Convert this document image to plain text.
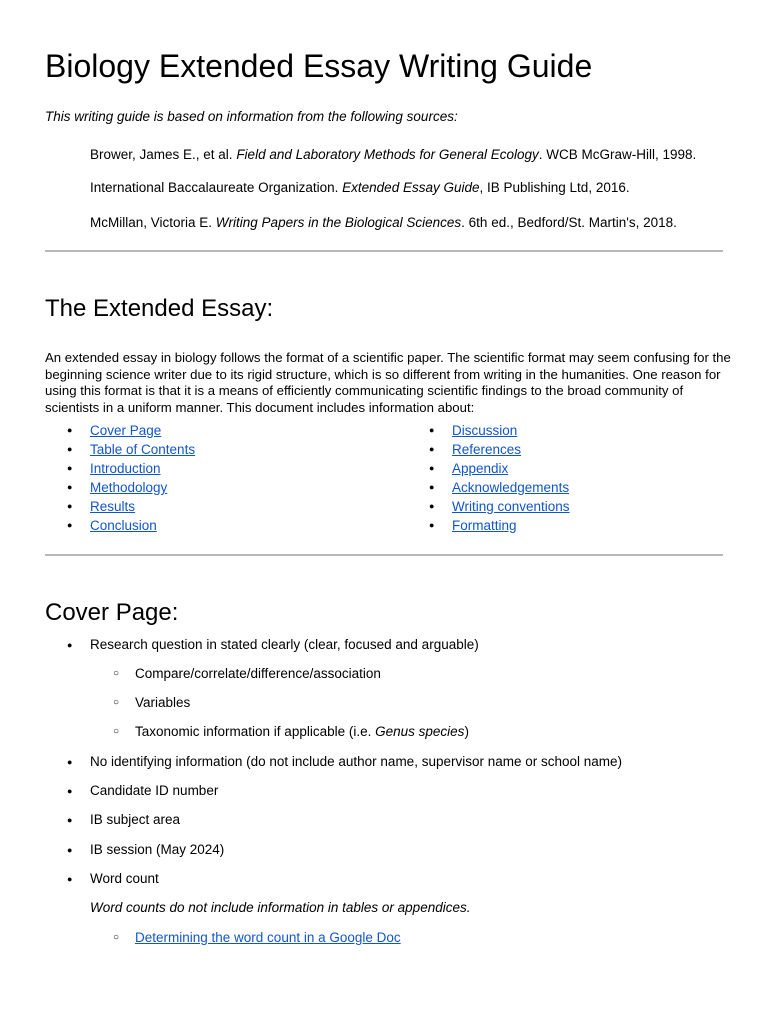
Biology Extended Essay Writing Guide

This writing guide is based on information from the following sources:

Brower, James E., et al. Field and Laboratory Methods for General Ecology. WCB McGraw-Hill, 1998.

International Baccalaureate Organization. Extended Essay Guide, IB Publishing Ltd, 2016.

McMillan, Victoria E. Writing Papers in the Biological Sciences. 6th ed., Bedford/St. Martin's, 2018.

The Extended Essay:

An extended essay in biology follows the format of a scientific paper. The scientific format may seem confusing for the beginning science writer due to its rigid structure, which is so different from writing in the humanities. One reason for using this format is that it is a means of efficiently communicating scientific findings to the broad community of scientists in a uniform manner. This document includes information about:

● Cover Page
● Table of Contents
● Introduction
● Methodology
● Results
● Conclusion
● Discussion
● References
● Appendix
● Acknowledgements
● Writing conventions
● Formatting
Cover Page:
● Research question in stated clearly (clear, focused and arguable)
○ Compare/correlate/difference/association
○ Variables
○ Taxonomic information if applicable (i.e. Genus species)
● No identifying information (do not include author name, supervisor name or school name)
● Candidate ID number
● IB subject area
● IB session (May 2024)
● Word count

Word counts do not include information in tables or appendices.

○ Determining the word count in a Google Doc
